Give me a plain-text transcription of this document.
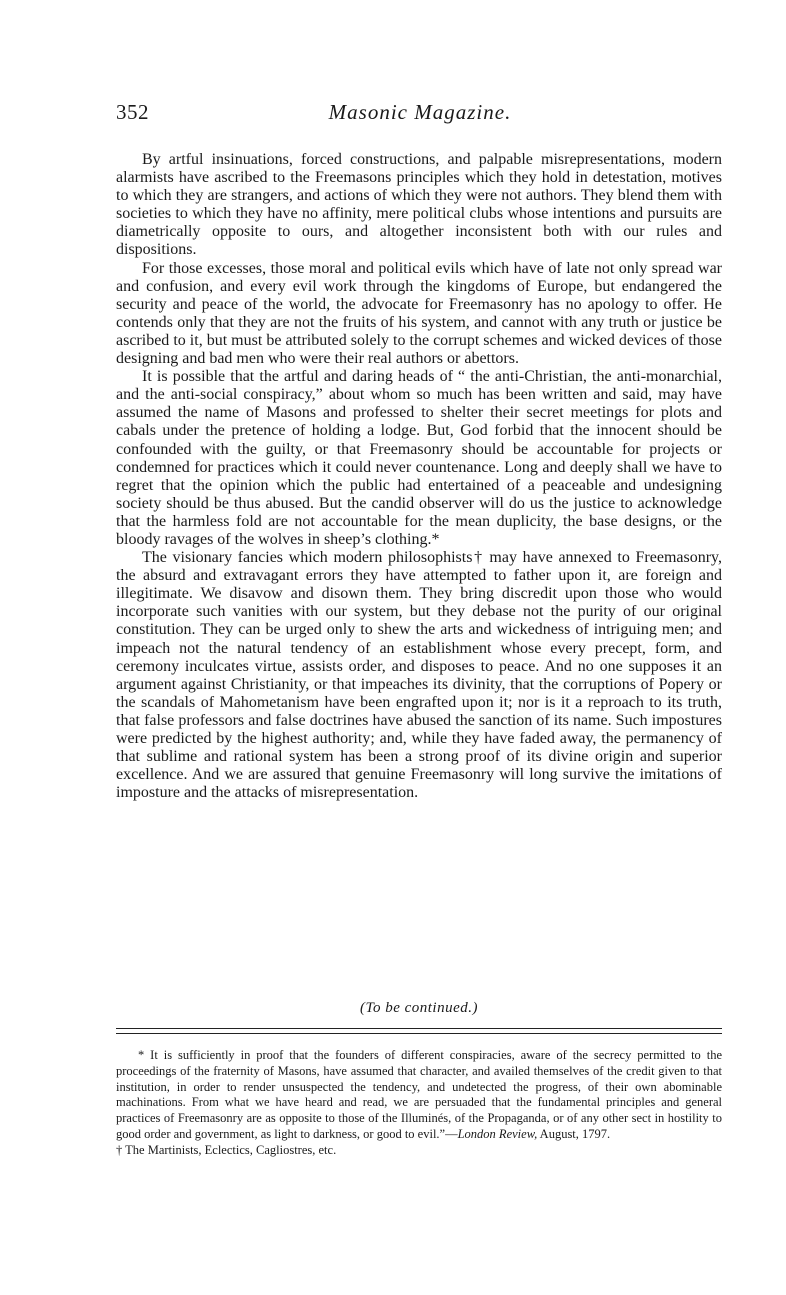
352	Masonic Magazine.

By artful insinuations, forced constructions, and palpable misrepresentations, modern alarmists have ascribed to the Freemasons principles which they hold in detestation, motives to which they are strangers, and actions of which they were not authors. They blend them with societies to which they have no affinity, mere political clubs whose intentions and pursuits are diametrically opposite to ours, and altogether inconsistent both with our rules and dispositions.

For those excesses, those moral and political evils which have of late not only spread war and confusion, and every evil work through the kingdoms of Europe, but endangered the security and peace of the world, the advocate for Freemasonry has no apology to offer. He contends only that they are not the fruits of his system, and cannot with any truth or justice be ascribed to it, but must be attributed solely to the corrupt schemes and wicked devices of those designing and bad men who were their real authors or abettors.

It is possible that the artful and daring heads of “ the anti-Christian, the anti-monarchial, and the anti-social conspiracy,” about whom so much has been written and said, may have assumed the name of Masons and professed to shelter their secret meetings for plots and cabals under the pretence of holding a lodge. But, God forbid that the innocent should be confounded with the guilty, or that Freemasonry should be accountable for projects or condemned for practices which it could never countenance. Long and deeply shall we have to regret that the opinion which the public had entertained of a peaceable and undesigning society should be thus abused. But the candid observer will do us the justice to acknowledge that the harmless fold are not accountable for the mean duplicity, the base designs, or the bloody ravages of the wolves in sheep’s clothing.*

The visionary fancies which modern philosophists† may have annexed to Freemasonry, the absurd and extravagant errors they have attempted to father upon it, are foreign and illegitimate. We disavow and disown them. They bring discredit upon those who would incorporate such vanities with our system, but they debase not the purity of our original constitution. They can be urged only to shew the arts and wickedness of intriguing men; and impeach not the natural tendency of an establishment whose every precept, form, and ceremony inculcates virtue, assists order, and disposes to peace. And no one supposes it an argument against Christianity, or that impeaches its divinity, that the corruptions of Popery or the scandals of Mahometanism have been engrafted upon it; nor is it a reproach to its truth, that false professors and false doctrines have abused the sanction of its name. Such impostures were predicted by the highest authority; and, while they have faded away, the permanency of that sublime and rational system has been a strong proof of its divine origin and superior excellence. And we are assured that genuine Freemasonry will long survive the imitations of imposture and the attacks of misrepresentation.

(To be continued.)

* It is sufficiently in proof that the founders of different conspiracies, aware of the secrecy permitted to the proceedings of the fraternity of Masons, have assumed that character, and availed themselves of the credit given to that institution, in order to render unsuspected the tendency, and undetected the progress, of their own abominable machinations. From what we have heard and read, we are persuaded that the fundamental principles and general practices of Freemasonry are as opposite to those of the Illuminés, of the Propaganda, or of any other sect in hostility to good order and government, as light to darkness, or good to evil.”—London Review, August, 1797.

† The Martinists, Eclectics, Cagliostres, etc.
